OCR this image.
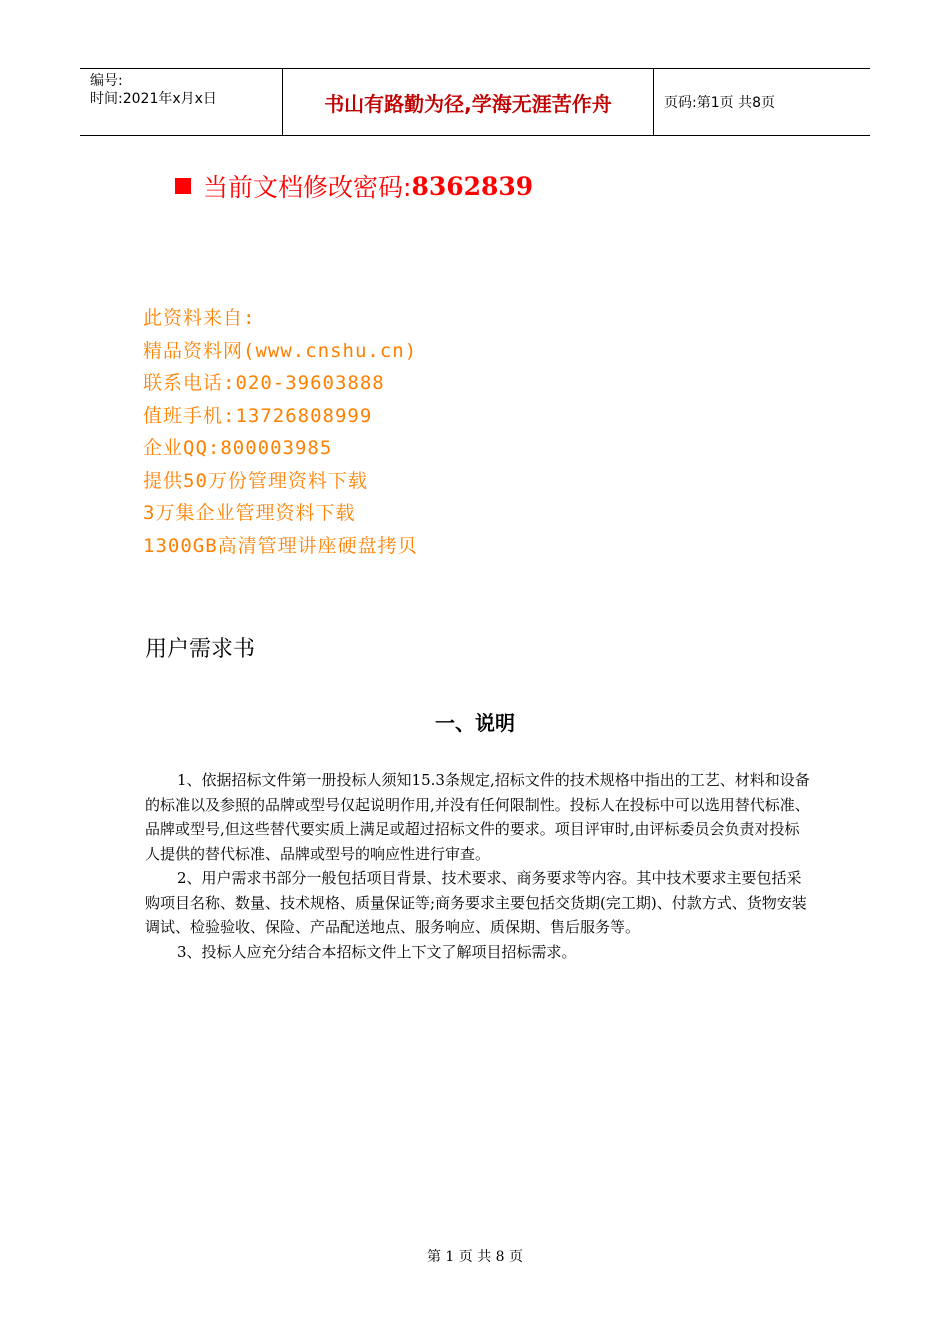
编号:
时间:2021年x月x日	书山有路勤为径,学海无涯苦作舟	页码:第1页 共8页
当前文档修改密码: 8362839
此资料来自:
精品资料网(www.cnshu.cn)
联系电话:020-39603888
值班手机:13726808999
企业QQ:800003985
提供50万份管理资料下载
3万集企业管理资料下载
1300GB高清管理讲座硬盘拷贝
用户需求书
一、说明

1、依据招标文件第一册投标人须知15.3条规定,招标文件的技术规格中指出的工艺、材料和设备的标准以及参照的品牌或型号仅起说明作用,并没有任何限制性。投标人在投标中可以选用替代标准、品牌或型号,但这些替代要实质上满足或超过招标文件的要求。项目评审时,由评标委员会负责对投标人提供的替代标准、品牌或型号的响应性进行审查。

2、用户需求书部分一般包括项目背景、技术要求、商务要求等内容。其中技术要求主要包括采购项目名称、数量、技术规格、质量保证等;商务要求主要包括交货期(完工期)、付款方式、货物安装调试、检验验收、保险、产品配送地点、服务响应、质保期、售后服务等。

3、投标人应充分结合本招标文件上下文了解项目招标需求。

第 1 页 共 8 页
